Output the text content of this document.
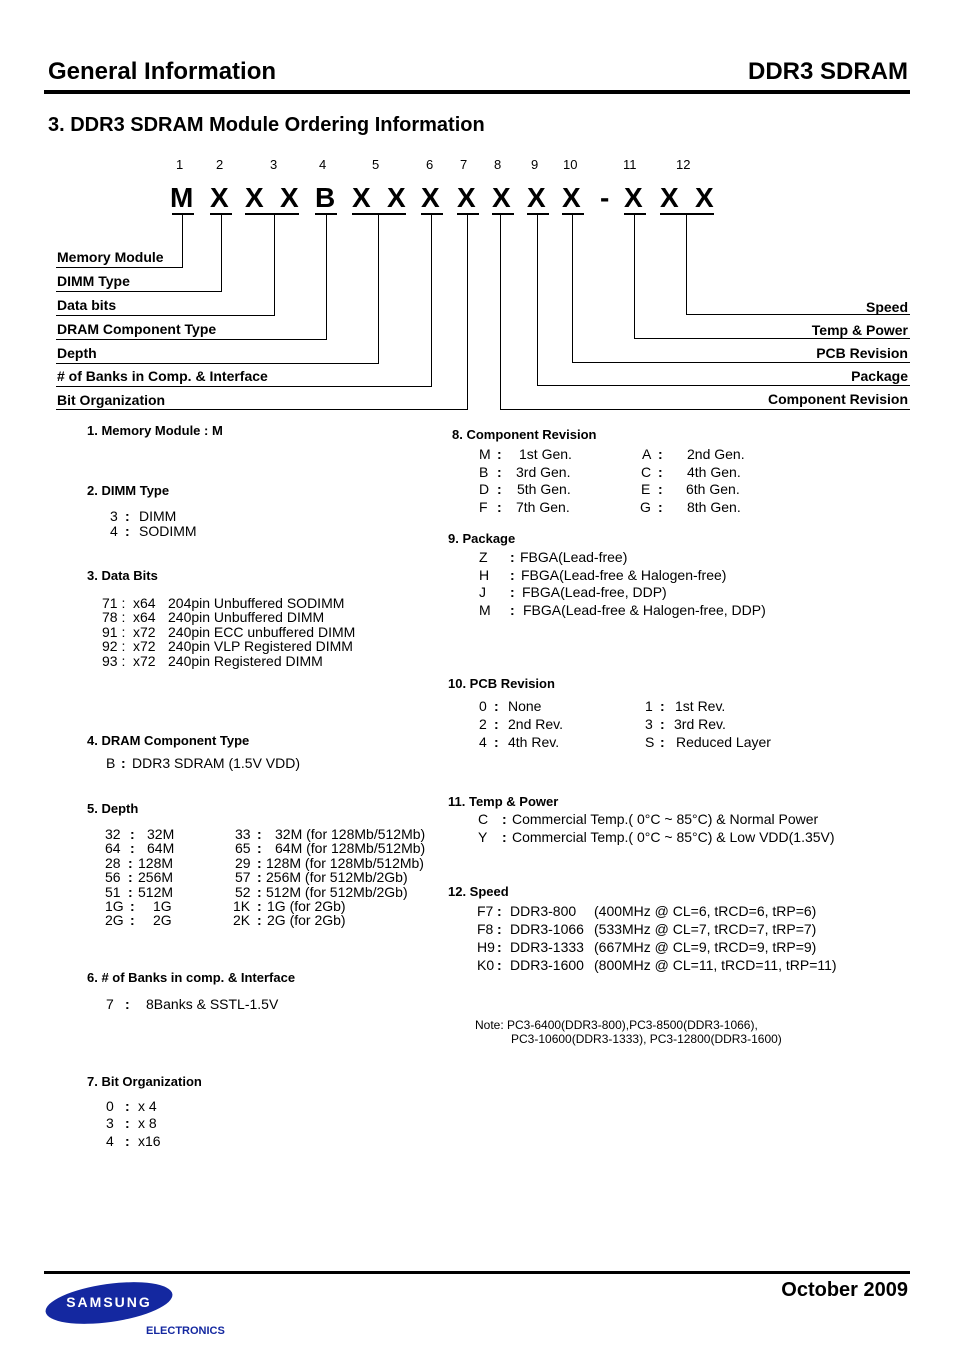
General Information	DDR3 SDRAM
3. DDR3 SDRAM Module Ordering Information
1	2	3	4	5	6 7 8 9 10	11	12
M X X X B X X X X X X X - X X X
Memory Module
DIMM Type
Data bits
DRAM Component Type
Depth
# of Banks in Comp. & Interface
Bit Organization
Speed
Temp & Power
PCB Revision
Package
Component Revision
1. Memory Module : M
2. DIMM Type
3 : DIMM
4 : SODIMM
3. Data Bits
71 : x64 204pin Unbuffered SODIMM
78 : x64 240pin Unbuffered DIMM
91 : x72 240pin ECC unbuffered DIMM
92 : x72 240pin VLP Registered DIMM
93 : x72 240pin Registered DIMM
4. DRAM Component Type
B : DDR3 SDRAM (1.5V VDD)
5. Depth
32 : 32M
64 : 64M
28 : 128M
56 : 256M
51 : 512M
1G : 1G
2G : 2G
33 : 32M (for 128Mb/512Mb)
65 : 64M (for 128Mb/512Mb)
29 : 128M (for 128Mb/512Mb)
57 : 256M (for 512Mb/2Gb)
52 : 512M (for 512Mb/2Gb)
1K : 1G (for 2Gb)
2K : 2G (for 2Gb)
6. # of Banks in comp. & Interface
7 : 8Banks & SSTL-1.5V
7. Bit Organization
0 : x 4
3 : x 8
4 : x16
8. Component Revision
M : 1st Gen.
B : 3rd Gen.
D : 5th Gen.
F : 7th Gen.
A : 2nd Gen.
C : 4th Gen.
E : 6th Gen.
G : 8th Gen.
9. Package
Z : FBGA(Lead-free)
H : FBGA(Lead-free & Halogen-free)
J : FBGA(Lead-free, DDP)
M : FBGA(Lead-free & Halogen-free, DDP)
10. PCB Revision
0 : None
2 : 2nd Rev.
4 : 4th Rev.
1 : 1st Rev.
3 : 3rd Rev.
S : Reduced Layer
11. Temp & Power
C : Commercial Temp.( 0°C ~ 85°C) & Normal Power
Y : Commercial Temp.( 0°C ~ 85°C) & Low VDD(1.35V)
12. Speed
F7 : DDR3-800 (400MHz @ CL=6, tRCD=6, tRP=6)
F8 : DDR3-1066 (533MHz @ CL=7, tRCD=7, tRP=7)
H9 : DDR3-1333 (667MHz @ CL=9, tRCD=9, tRP=9)
K0 : DDR3-1600 (800MHz @ CL=11, tRCD=11, tRP=11)
Note: PC3-6400(DDR3-800),PC3-8500(DDR3-1066),
PC3-10600(DDR3-1333), PC3-12800(DDR3-1600)
October 2009
SAMSUNG
ELECTRONICS
